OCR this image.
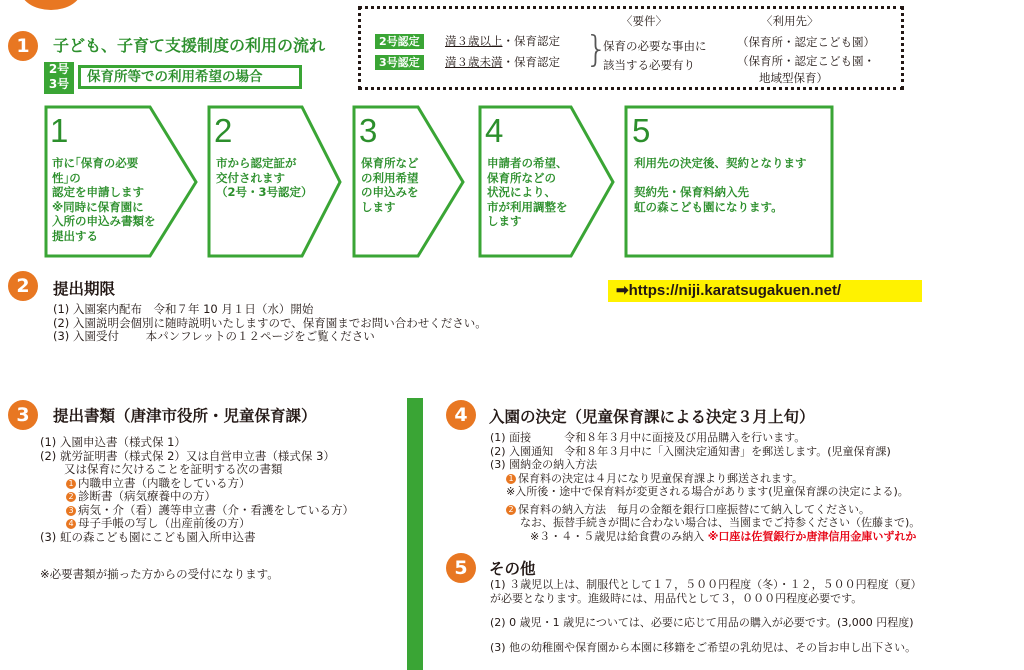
1	子ども、子育て支援制度の利用の流れ
〈要件〉	〈利用先〉
2号認定	満３歳以上・保育認定
3号認定	満３歳未満・保育認定 }
保育の必要な事由に
該当する必要有り
（保育所・認定こども園）
（保育所・認定こども園・
地域型保育）
2号
3号	保育所等での利用希望の場合
1
市に｢保育の必要
性｣の
認定を申請します
※同時に保育園に
入所の申込み書類を
提出する
2
市から認定証が
交付されます
（2号・3号認定）
3
保育所など
の利用希望
の申込みを
します
4
申請者の希望、
保育所などの
状況により、
市が利用調整を
します
5
利用先の決定後、契約となります
契約先・保育料納入先
虹の森こども園になります。
2	提出期限
(1) 入園案内配布　令和７年 10 月１日（水）開始
(2) 入園説明会個別に随時説明いたしますので、保育園までお問い合わせください。
(3) 入園受付　　 本パンフレットの１２ページをご覧ください
➡https://niji.karatsugakuen.net/
3	提出書類（唐津市役所・児童保育課）
(1) 入園申込書（様式保 1）
(2) 就労証明書（様式保 2）又は自営申立書（様式保 3）
又は保育に欠けることを証明する次の書類
1 内職申立書（内職をしている方）
2 診断書（病気療養中の方）
3 病気・介（看）護等申立書（介・看護をしている方）
4 母子手帳の写し（出産前後の方）
(3) 虹の森こども園にこども園入所申込書
※必要書類が揃った方からの受付になります。
4	入園の決定（児童保育課による決定３月上旬）
(1) 面接　　　令和８年３月中に面接及び用品購入を行います。
(2) 入園通知　令和８年３月中に「入園決定通知書」を郵送します。(児童保育課)
(3) 園納金の納入方法
1 保育料の決定は４月になり児童保育課より郵送されます。
※入所後・途中で保育料が変更される場合があります(児童保育課の決定による)。
2 保育料の納入方法　毎月の金額を銀行口座振替にて納入してください。
なお、振替手続きが間に合わない場合は、当園までご持参ください（佐藤まで)。
※３・４・５歳児は給食費のみ納入 ※口座は佐賀銀行か唐津信用金庫いずれか
5	その他
(1) ３歳児以上は、制服代として１７，５００円程度（冬）・１２，５００円程度（夏）
が必要となります。進級時には、用品代として３，０００円程度必要です。
(2) 0 歳児・1 歳児については、必要に応じて用品の購入が必要です。(3,000 円程度)
(3) 他の幼稚園や保育園から本園に移籍をご希望の乳幼児は、その旨お申し出下さい。
